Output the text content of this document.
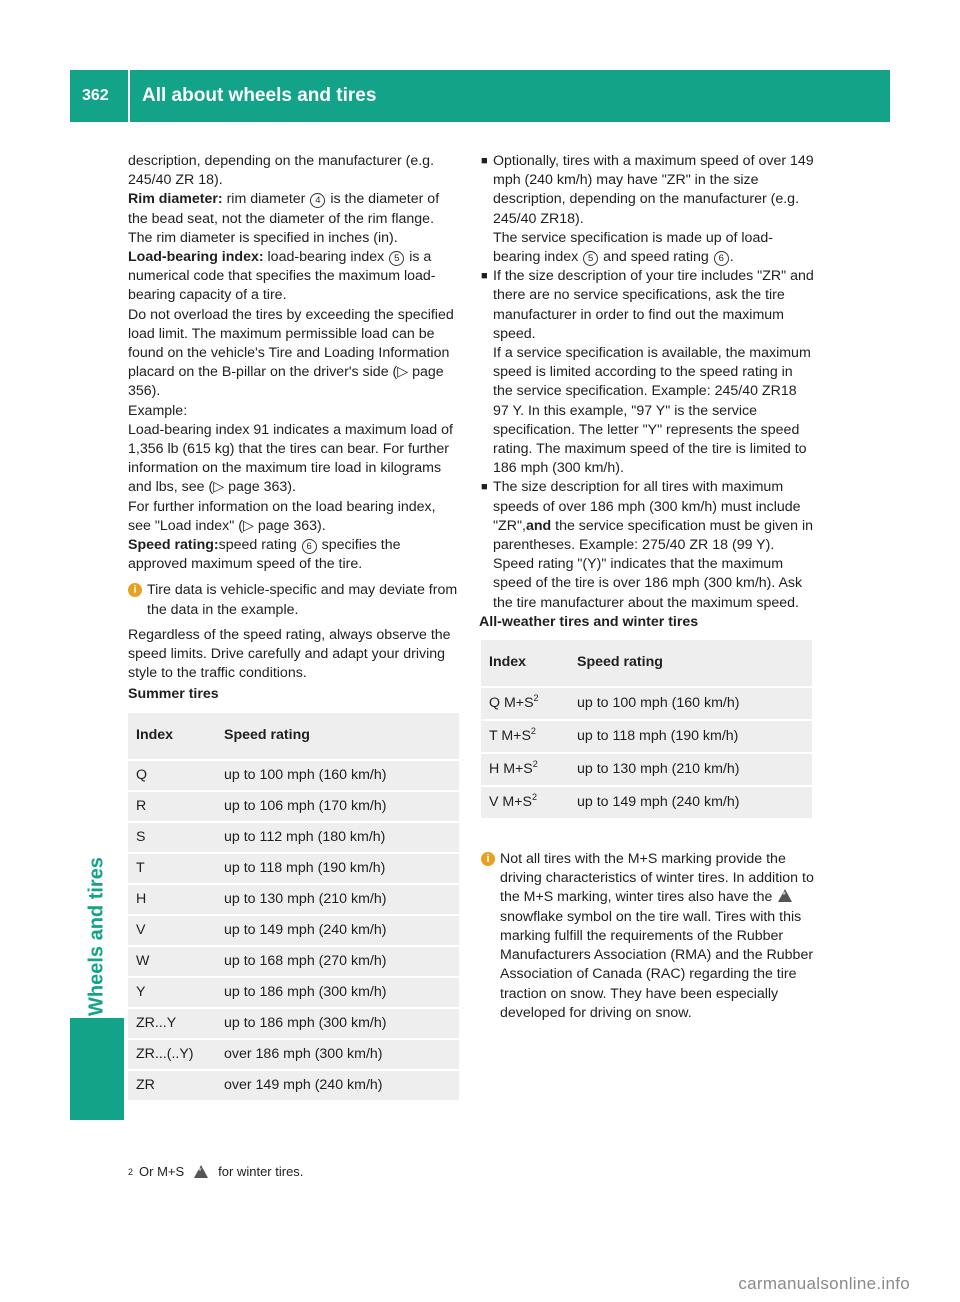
362	All about wheels and tires
Wheels and tires

description, depending on the manufacturer (e.g. 245/40 ZR 18).

Rim diameter: rim diameter 4 is the diameter of the bead seat, not the diameter of the rim flange. The rim diameter is specified in inches (in).

Load-bearing index: load-bearing index 5 is a numerical code that specifies the maximum load-bearing capacity of a tire.

Do not overload the tires by exceeding the specified load limit. The maximum permissible load can be found on the vehicle's Tire and Loading Information placard on the B-pillar on the driver's side (▷ page 356).

Example:

Load-bearing index 91 indicates a maximum load of 1,356 lb (615 kg) that the tires can bear. For further information on the maximum tire load in kilograms and lbs, see (▷ page 363).

For further information on the load bearing index, see "Load index" (▷ page 363).

Speed rating:speed rating 6 specifies the approved maximum speed of the tire.

i Tire data is vehicle-specific and may deviate from the data in the example.

Regardless of the speed rating, always observe the speed limits. Drive carefully and adapt your driving style to the traffic conditions.

Summer tires

Index	Speed rating
Q	up to 100 mph (160 km/h)
R	up to 106 mph (170 km/h)
S	up to 112 mph (180 km/h)
T	up to 118 mph (190 km/h)
H	up to 130 mph (210 km/h)
V	up to 149 mph (240 km/h)
W	up to 168 mph (270 km/h)
Y	up to 186 mph (300 km/h)
ZR...Y	up to 186 mph (300 km/h)
ZR...(..Y)	over 186 mph (300 km/h)
ZR	over 149 mph (240 km/h)
■ Optionally, tires with a maximum speed of over 149 mph (240 km/h) may have "ZR" in the size description, depending on the manufacturer (e.g. 245/40 ZR18).

The service specification is made up of load-bearing index 5 and speed rating 6 .

■ If the size description of your tire includes "ZR" and there are no service specifications, ask the tire manufacturer in order to find out the maximum speed.

If a service specification is available, the maximum speed is limited according to the speed rating in the service specification. Example: 245/40 ZR18 97 Y. In this example, "97 Y" is the service specification. The letter "Y" represents the speed rating. The maximum speed of the tire is limited to 186 mph (300 km/h).

■ The size description for all tires with maximum speeds of over 186 mph (300 km/h) must include "ZR",and the service specification must be given in parentheses. Example: 275/40 ZR 18 (99 Y). Speed rating "(Y)" indicates that the maximum speed of the tire is over 186 mph (300 km/h). Ask the tire manufacturer about the maximum speed.

All-weather tires and winter tires

Index	Speed rating
Q $M+S^2$	up to 100 mph (160 km/h)
T $M+S^2$	up to 118 mph (190 km/h)
H $M+S^2$	up to 130 mph (210 km/h)
V $M+S^2$	up to 149 mph (240 km/h)
i Not all tires with the M+S marking provide the driving characteristics of winter tires. In addition to the M+S marking, winter tires also have the * snowflake symbol on the tire wall. Tires with this marking fulfill the requirements of the Rubber Manufacturers Association (RMA) and the Rubber Association of Canada (RAC) regarding the tire traction on snow. They have been especially developed for driving on snow.
2 Or M+S *	for winter tires.
carmanualsonline.info
